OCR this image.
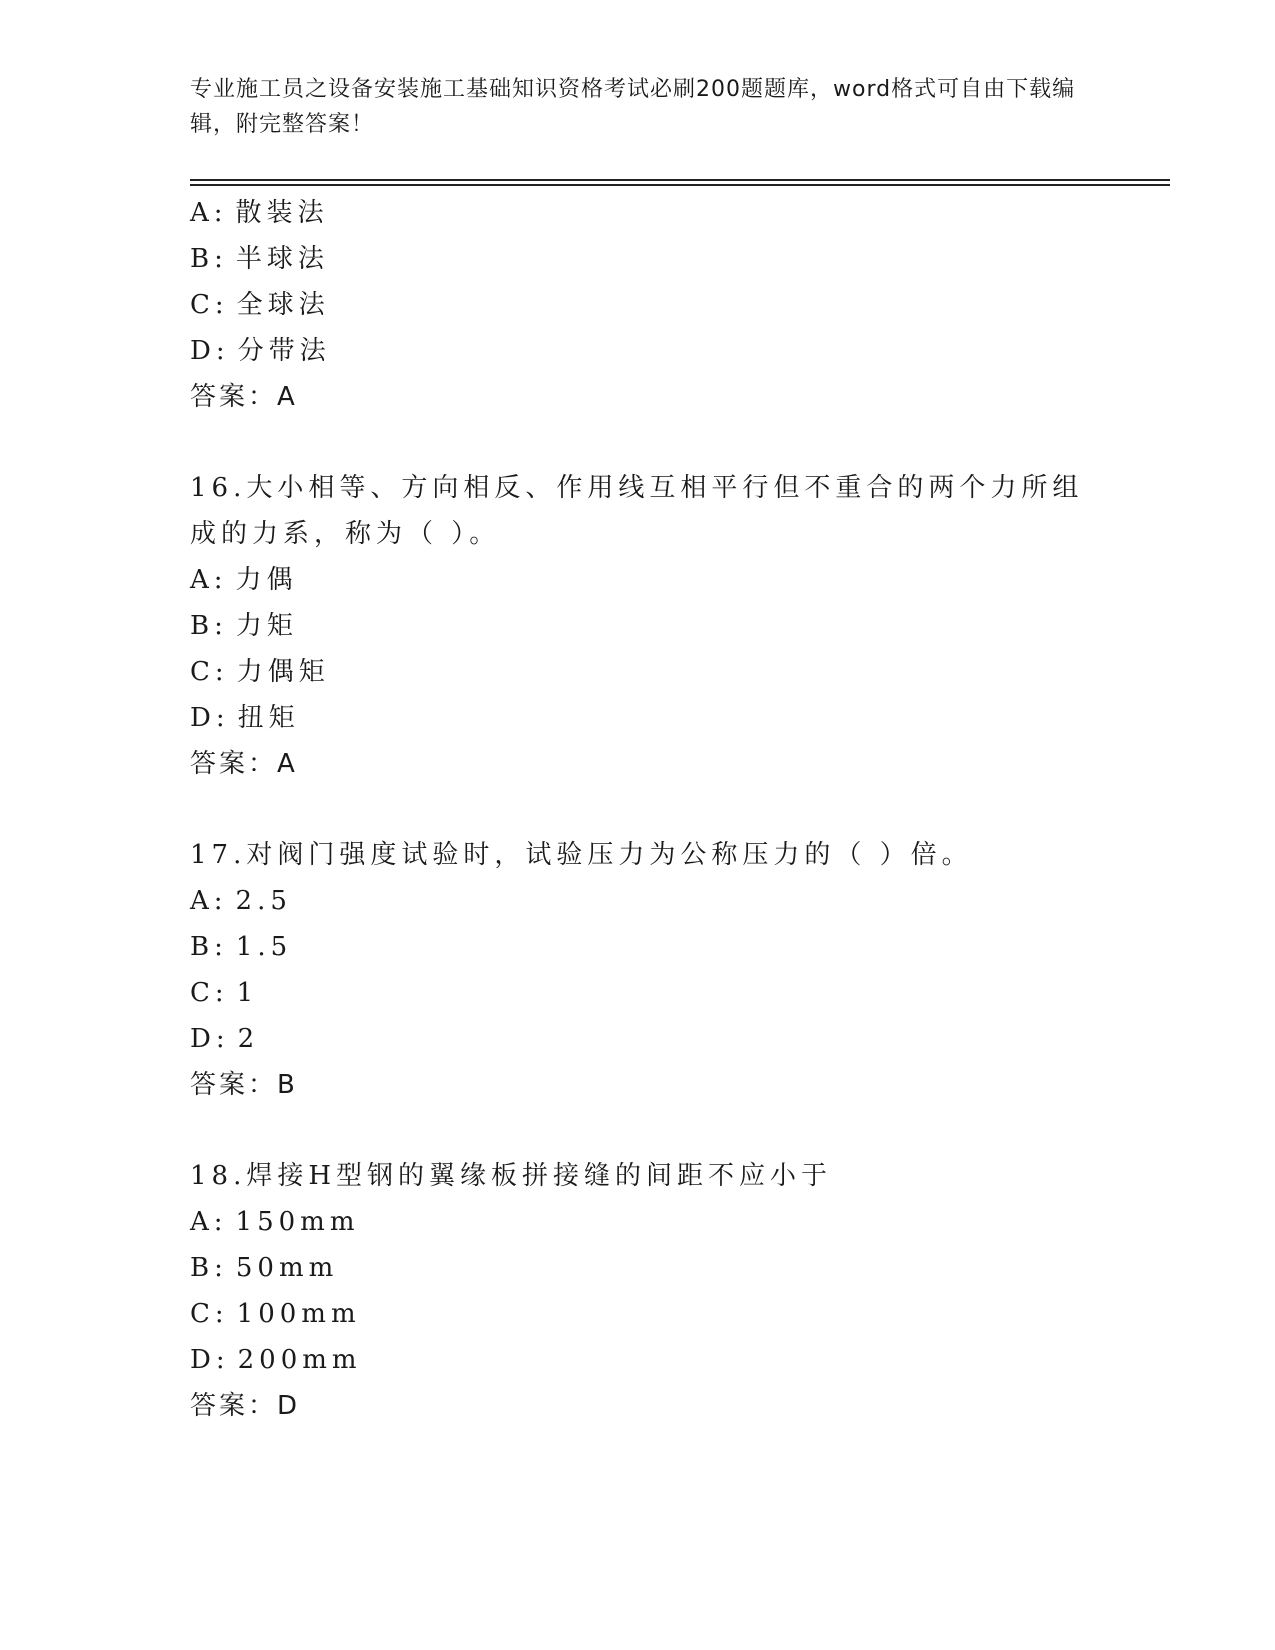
专业施工员之设备安装施工基础知识资格考试必刷200题题库，word格式可自由下载编辑，附完整答案！
A: 散装法
B: 半球法
C: 全球法
D: 分带法
答案：A
16.大小相等、方向相反、作用线互相平行但不重合的两个力所组成的力系，称为（ ）。
A: 力偶
B: 力矩
C: 力偶矩
D: 扭矩
答案：A
17.对阀门强度试验时，试验压力为公称压力的（ ）倍。
A: 2.5
B: 1.5
C: 1
D: 2
答案：B
18.焊接H型钢的翼缘板拼接缝的间距不应小于
A: 150mm
B: 50mm
C: 100mm
D: 200mm
答案：D
